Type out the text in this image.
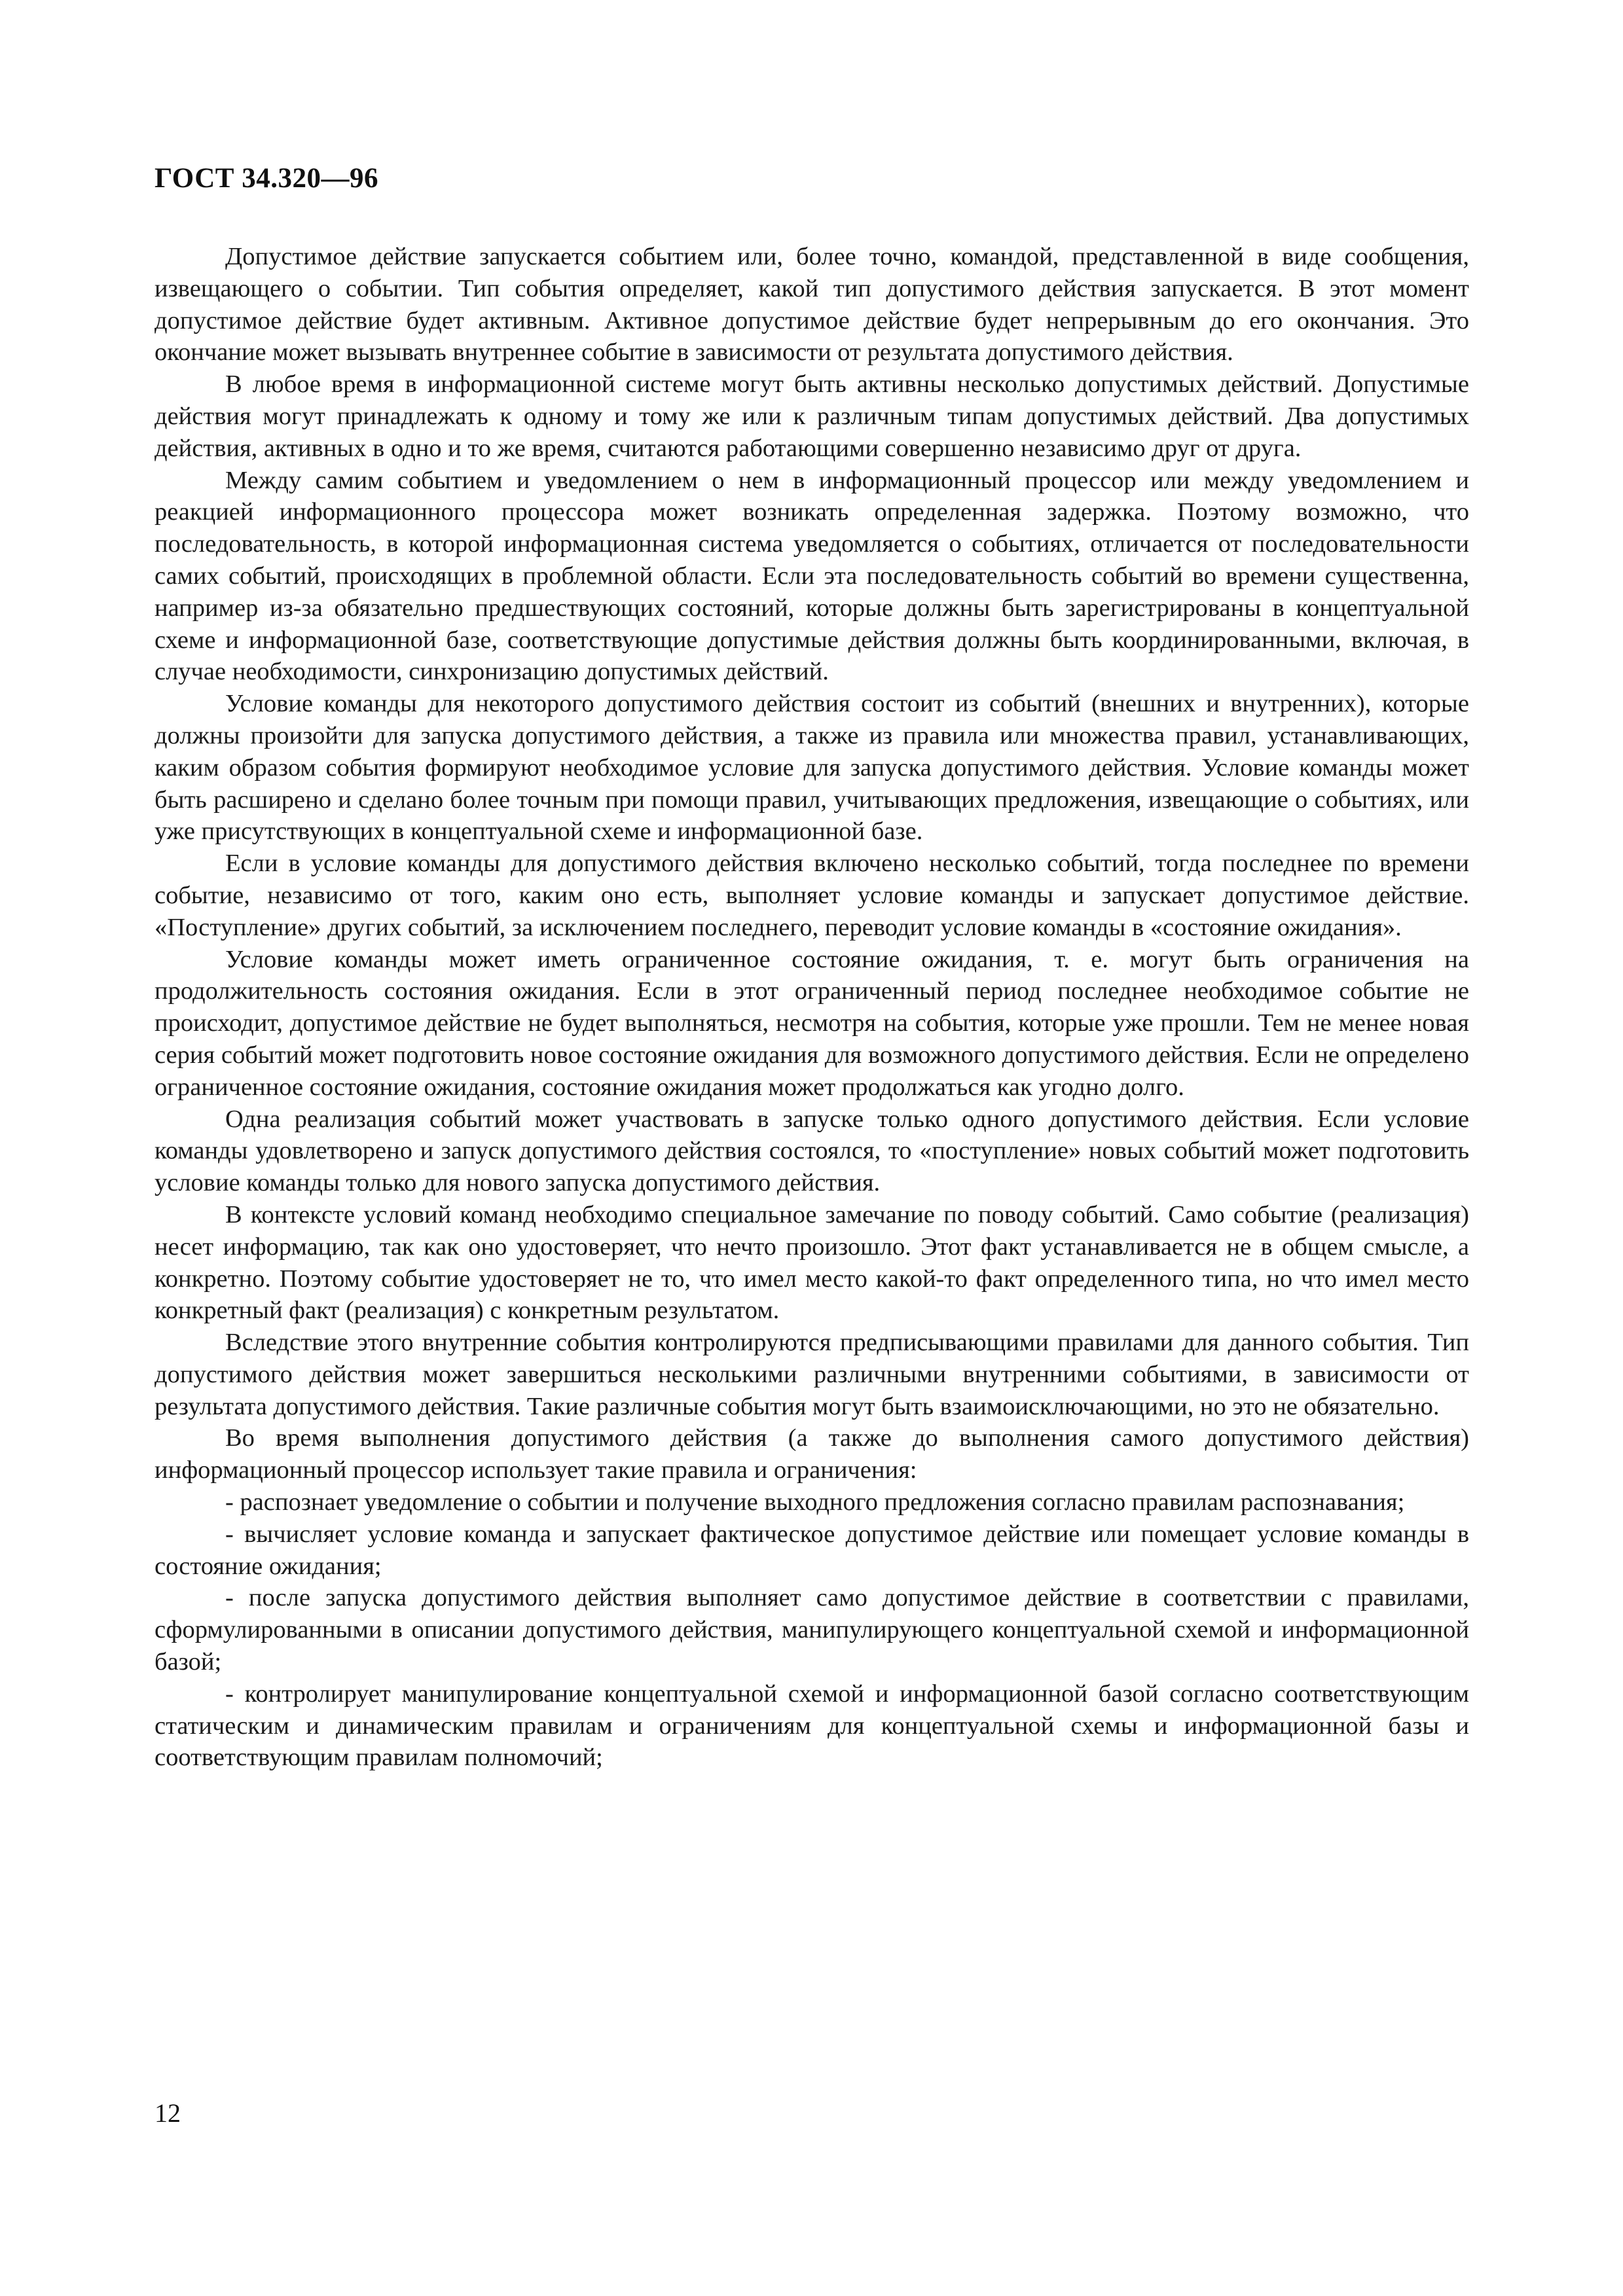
ГОСТ 34.320—96

Допустимое действие запускается событием или, более точно, командой, представленной в виде сообщения, извещающего о событии. Тип события определяет, какой тип допустимого действия запускается. В этот момент допустимое действие будет активным. Активное допустимое действие будет непрерывным до его окончания. Это окончание может вызывать внутреннее событие в зависимости от результата допустимого действия.

В любое время в информационной системе могут быть активны несколько допустимых действий. Допустимые действия могут принадлежать к одному и тому же или к различным типам допустимых действий. Два допустимых действия, активных в одно и то же время, считаются работающими совершенно независимо друг от друга.

Между самим событием и уведомлением о нем в информационный процессор или между уведомлением и реакцией информационного процессора может возникать определенная задержка. Поэтому возможно, что последовательность, в которой информационная система уведомляется о событиях, отличается от последовательности самих событий, происходящих в проблемной области. Если эта последовательность событий во времени существенна, например из-за обязательно предшествующих состояний, которые должны быть зарегистрированы в концептуальной схеме и информационной базе, соответствующие допустимые действия должны быть координированными, включая, в случае необходимости, синхронизацию допустимых действий.

Условие команды для некоторого допустимого действия состоит из событий (внешних и внутренних), которые должны произойти для запуска допустимого действия, а также из правила или множества правил, устанавливающих, каким образом события формируют необходимое условие для запуска допустимого действия. Условие команды может быть расширено и сделано более точным при помощи правил, учитывающих предложения, извещающие о событиях, или уже присутствующих в концептуальной схеме и информационной базе.

Если в условие команды для допустимого действия включено несколько событий, тогда последнее по времени событие, независимо от того, каким оно есть, выполняет условие команды и запускает допустимое действие. «Поступление» других событий, за исключением последнего, переводит условие команды в «состояние ожидания».

Условие команды может иметь ограниченное состояние ожидания, т. е. могут быть ограничения на продолжительность состояния ожидания. Если в этот ограниченный период последнее необходимое событие не происходит, допустимое действие не будет выполняться, несмотря на события, которые уже прошли. Тем не менее новая серия событий может подготовить новое состояние ожидания для возможного допустимого действия. Если не определено ограниченное состояние ожидания, состояние ожидания может продолжаться как угодно долго.

Одна реализация событий может участвовать в запуске только одного допустимого действия. Если условие команды удовлетворено и запуск допустимого действия состоялся, то «поступление» новых событий может подготовить условие команды только для нового запуска допустимого действия.

В контексте условий команд необходимо специальное замечание по поводу событий. Само событие (реализация) несет информацию, так как оно удостоверяет, что нечто произошло. Этот факт устанавливается не в общем смысле, а конкретно. Поэтому событие удостоверяет не то, что имел место какой-то факт определенного типа, но что имел место конкретный факт (реализация) с конкретным результатом.

Вследствие этого внутренние события контролируются предписывающими правилами для данного события. Тип допустимого действия может завершиться несколькими различными внутренними событиями, в зависимости от результата допустимого действия. Такие различные события могут быть взаимоисключающими, но это не обязательно.

Во время выполнения допустимого действия (а также до выполнения самого допустимого действия) информационный процессор использует такие правила и ограничения:

- распознает уведомление о событии и получение выходного предложения согласно правилам распознавания;

- вычисляет условие команда и запускает фактическое допустимое действие или помещает условие команды в состояние ожидания;

- после запуска допустимого действия выполняет само допустимое действие в соответствии с правилами, сформулированными в описании допустимого действия, манипулирующего концептуальной схемой и информационной базой;

- контролирует манипулирование концептуальной схемой и информационной базой согласно соответствующим статическим и динамическим правилам и ограничениям для концептуальной схемы и информационной базы и соответствующим правилам полномочий;

12
